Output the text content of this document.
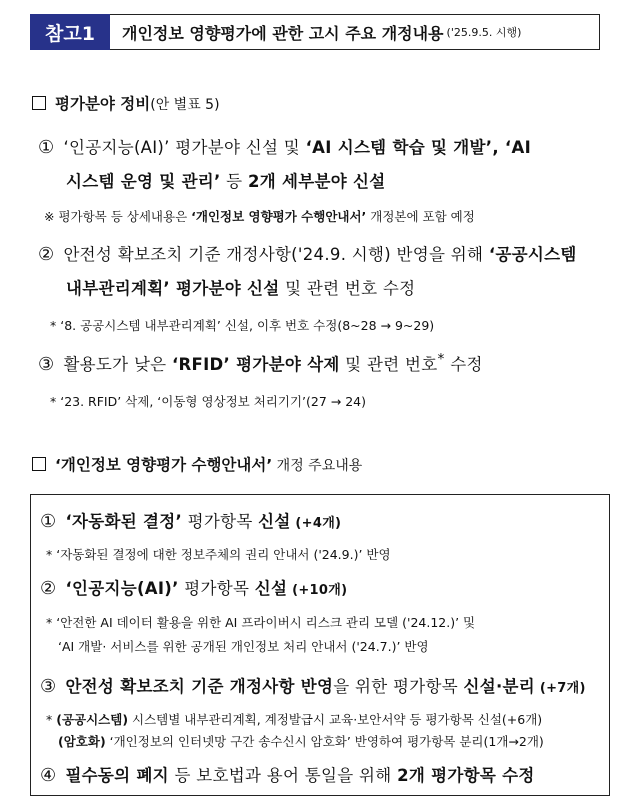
참고1	개인정보 영향평가에 관한 고시 주요 개정내용 ('25.9.5. 시행)
평가분야 정비(안 별표 5)
① ‘인공지능(AI)’ 평가분야 신설 및 ‘AI 시스템 학습 및 개발’, ‘AI
시스템 운영 및 관리’ 등 2개 세부분야 신설
※ 평가항목 등 상세내용은 ‘개인정보 영향평가 수행안내서’ 개정본에 포함 예정
② 안전성 확보조치 기준 개정사항('24.9. 시행) 반영을 위해 ‘공공시스템
내부관리계획’ 평가분야 신설 및 관련 번호 수정
* ‘8. 공공시스템 내부관리계획’ 신설, 이후 번호 수정(8~28 → 9~29)
③ 활용도가 낮은 ‘RFID’ 평가분야 삭제 및 관련 번호* 수정
* ‘23. RFID’ 삭제, ‘이동형 영상정보 처리기기’(27 → 24)
‘개인정보 영향평가 수행안내서’ 개정 주요내용
① ‘자동화된 결정’ 평가항목 신설 (+4개)
* ‘자동화된 결정에 대한 정보주체의 권리 안내서 ('24.9.)’ 반영
② ‘인공지능(AI)’ 평가항목 신설 (+10개)
* ‘안전한 AI 데이터 활용을 위한 AI 프라이버시 리스크 관리 모델 ('24.12.)’ 및
‘AI 개발· 서비스를 위한 공개된 개인정보 처리 안내서 ('24.7.)’ 반영
③ 안전성 확보조치 기준 개정사항 반영을 위한 평가항목 신설·분리 (+7개)
* (공공시스템) 시스템별 내부관리계획, 계정발급시 교육·보안서약 등 평가항목 신설(+6개)
(암호화) ‘개인정보의 인터넷망 구간 송수신시 암호화’ 반영하여 평가항목 분리(1개→2개)
④ 필수동의 폐지 등 보호법과 용어 통일을 위해 2개 평가항목 수정
